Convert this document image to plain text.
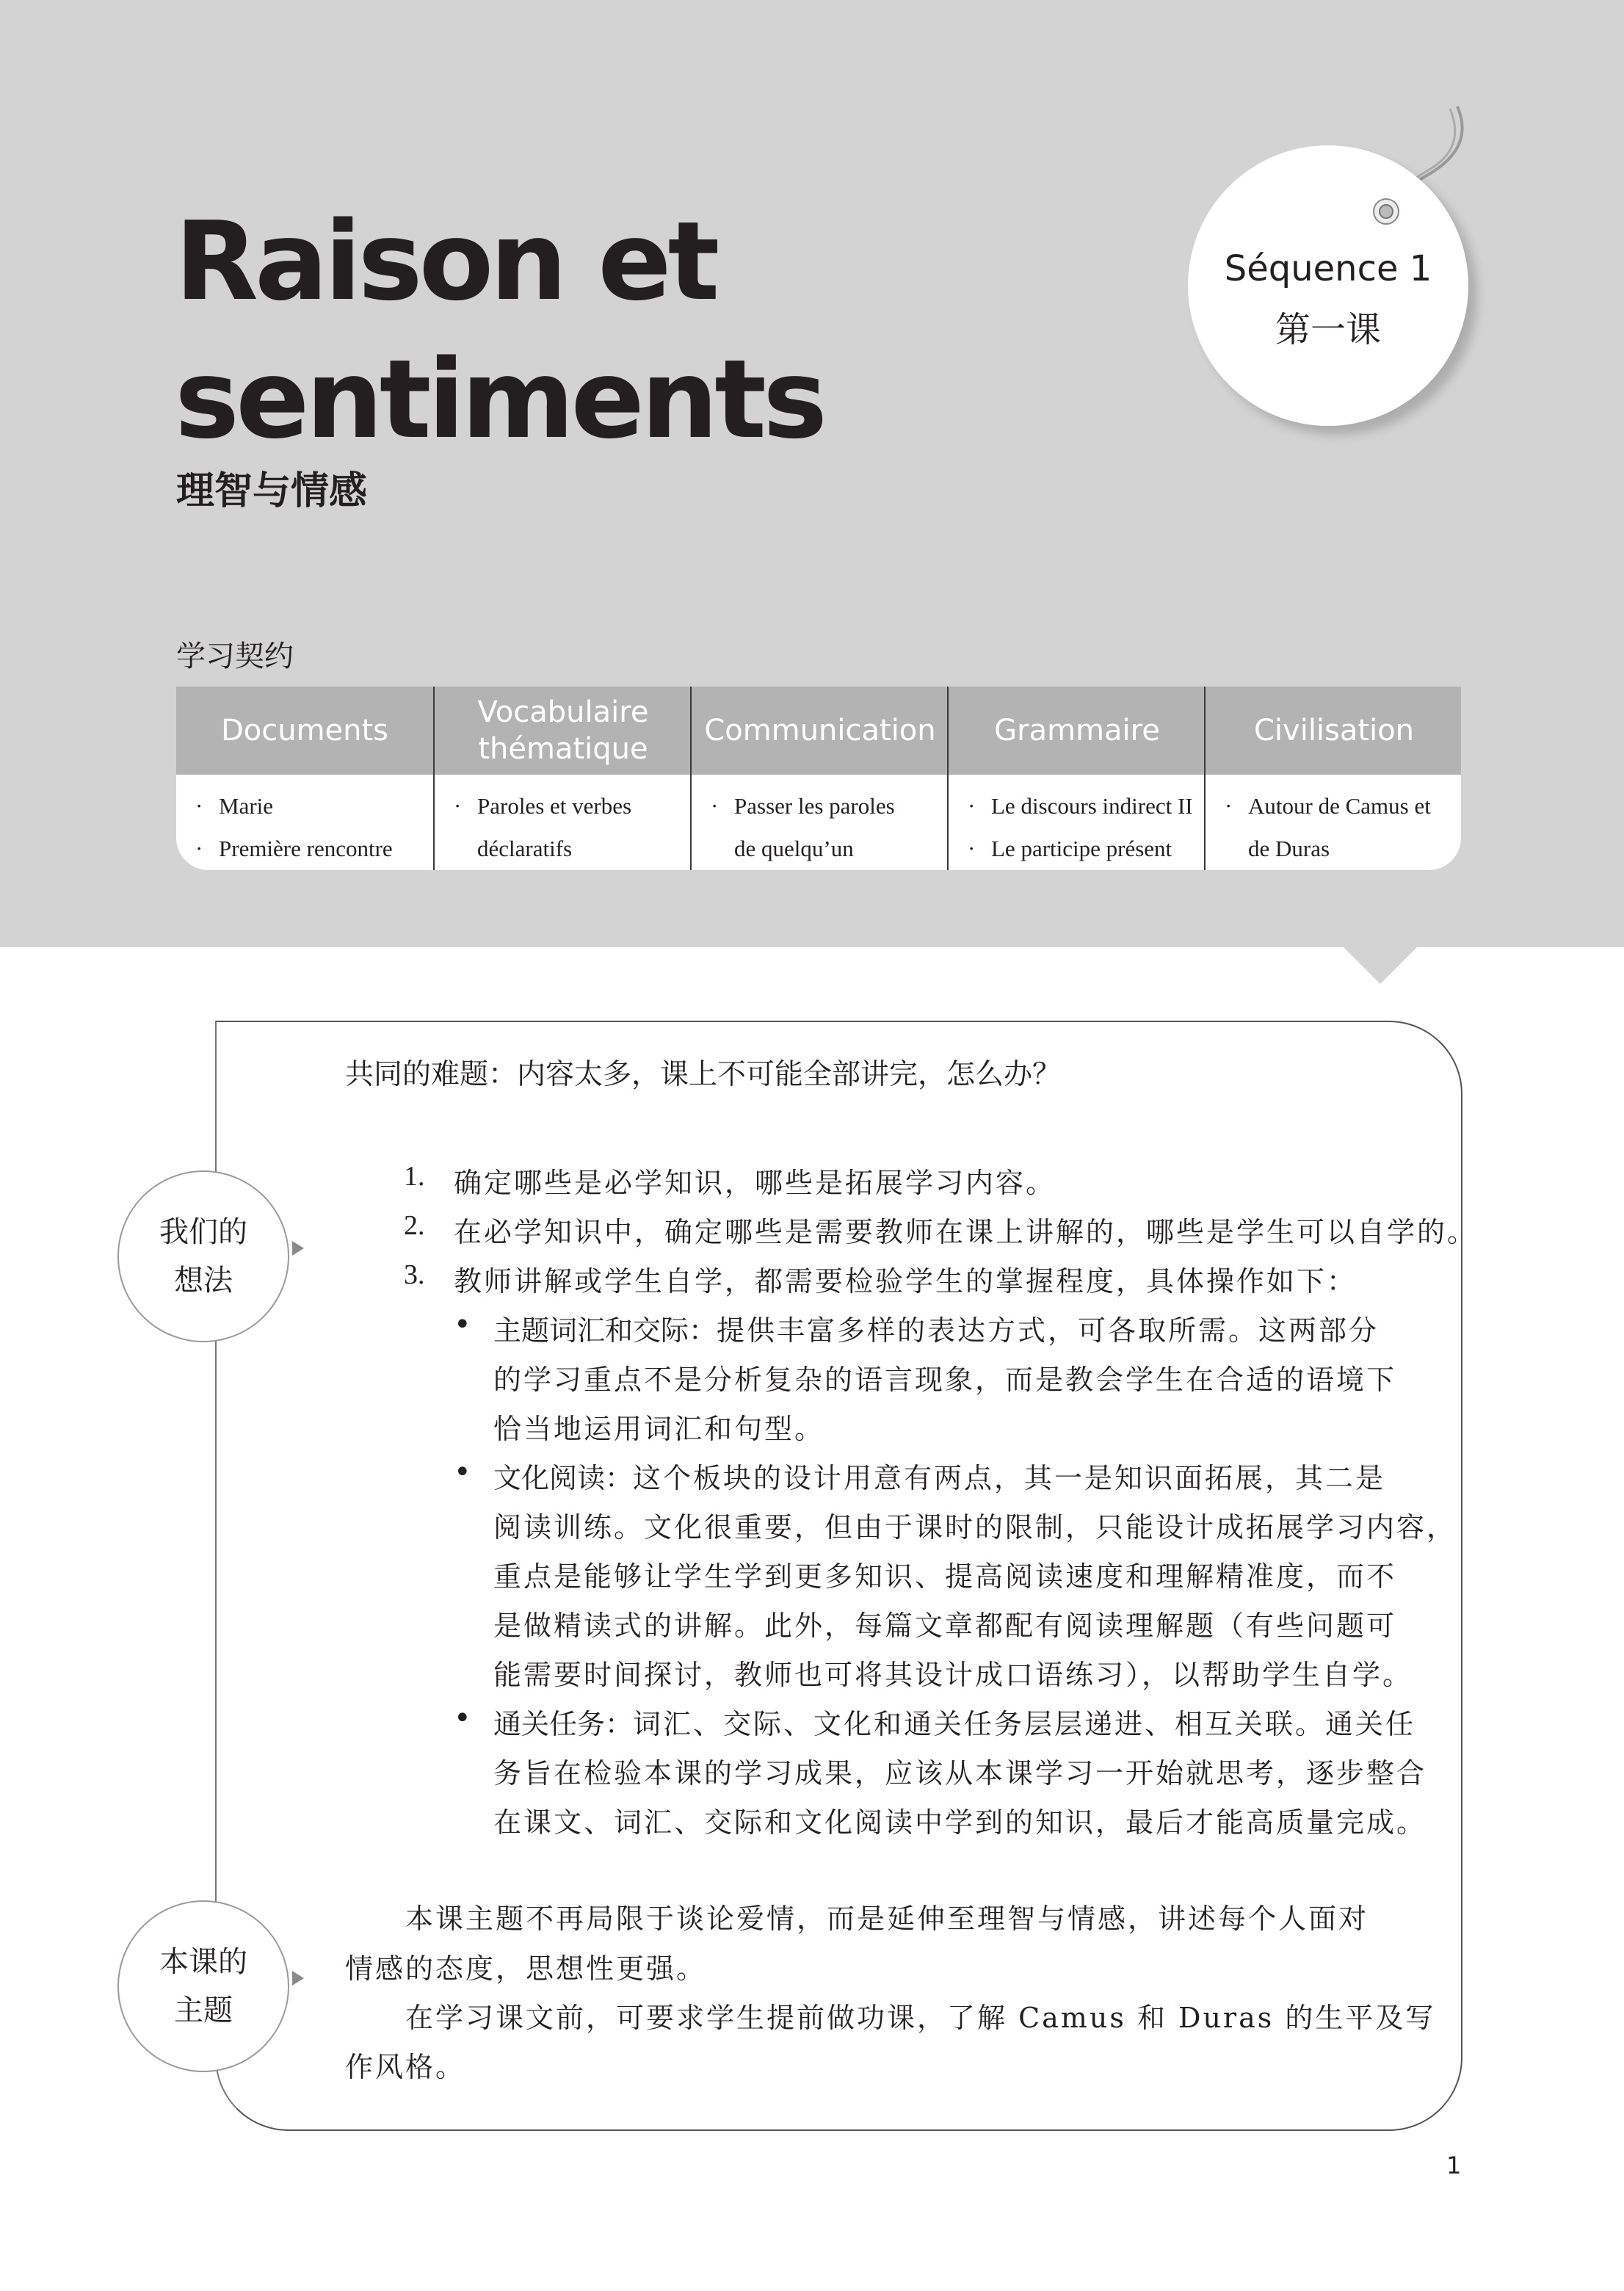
Raison et
sentiments
理智与情感
Séquence 1
第一课
学习契约
Documents
· Marie
· Première rencontre
Vocabulaire
thématique
· Paroles et verbes
déclaratifs
Communication
· Passer les paroles
de quelqu’un
Grammaire
· Le discours indirect II
· Le participe présent
Civilisation
· Autour de Camus et
de Duras
共同的难题：内容太多，课上不可能全部讲完，怎么办？
我们的
想法
本课的
主题
1. 确定哪些是必学知识，哪些是拓展学习内容。
2. 在必学知识中，确定哪些是需要教师在课上讲解的，哪些是学生可以自学的。
3. 教师讲解或学生自学，都需要检验学生的掌握程度，具体操作如下：
• 主题词汇和交际：提供丰富多样的表达方式，可各取所需。这两部分
的学习重点不是分析复杂的语言现象，而是教会学生在合适的语境下
恰当地运用词汇和句型。
• 文化阅读：这个板块的设计用意有两点，其一是知识面拓展，其二是
阅读训练。文化很重要，但由于课时的限制，只能设计成拓展学习内容，
重点是能够让学生学到更多知识、提高阅读速度和理解精准度，而不
是做精读式的讲解。此外，每篇文章都配有阅读理解题（有些问题可
能需要时间探讨，教师也可将其设计成口语练习），以帮助学生自学。
• 通关任务：词汇、交际、文化和通关任务层层递进、相互关联。通关任
务旨在检验本课的学习成果，应该从本课学习一开始就思考，逐步整合
在课文、词汇、交际和文化阅读中学到的知识，最后才能高质量完成。
本课主题不再局限于谈论爱情，而是延伸至理智与情感，讲述每个人面对
情感的态度，思想性更强。
在学习课文前，可要求学生提前做功课，了解 Camus 和 Duras 的生平及写
作风格。
1
